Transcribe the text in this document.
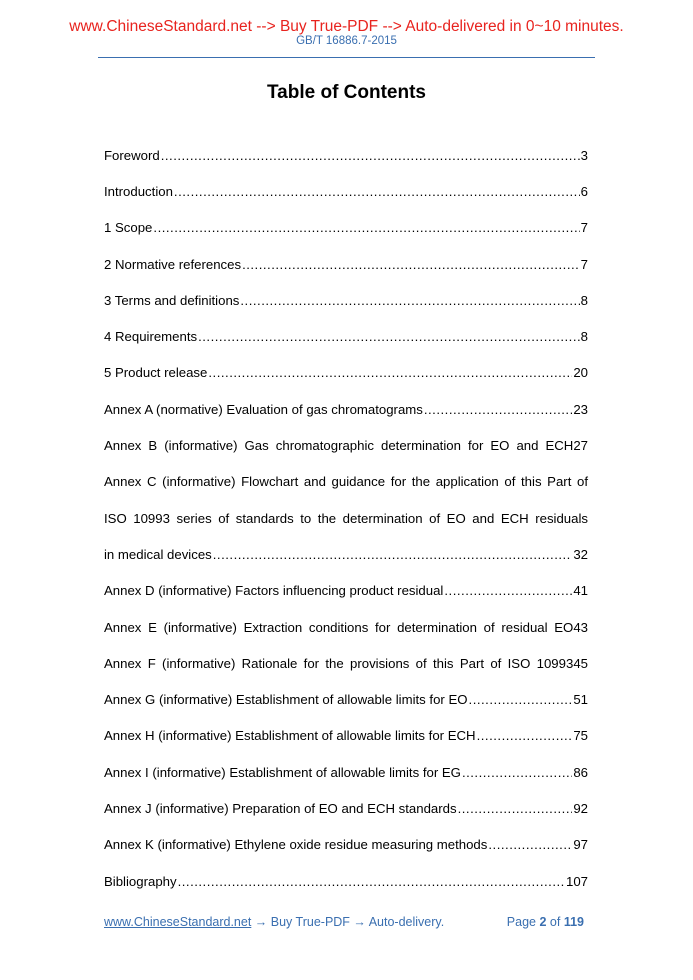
www.ChineseStandard.net --> Buy True-PDF --> Auto-delivered in 0~10 minutes.
GB/T 16886.7-2015
Table of Contents
Foreword .....	3
Introduction .....	6
1 Scope .....	7
2 Normative references .....	7
3 Terms and definitions .....	8
4 Requirements .....	8
5 Product release .....	20
Annex A (normative) Evaluation of gas chromatograms .....	23
Annex B (informative) Gas chromatographic determination for EO and ECH 27
Annex C (informative) Flowchart and guidance for the application of this Part of
ISO 10993 series of standards to the determination of EO and ECH residuals
in medical devices .....	32
Annex D (informative) Factors influencing product residual .....	41
Annex E (informative) Extraction conditions for determination of residual EO 43
Annex F (informative) Rationale for the provisions of this Part of ISO 10993 45
Annex G (informative) Establishment of allowable limits for EO .....	51
Annex H (informative) Establishment of allowable limits for ECH .....	75
Annex I (informative) Establishment of allowable limits for EG .....	86
Annex J (informative) Preparation of EO and ECH standards .....	92
Annex K (informative) Ethylene oxide residue measuring methods .....	97
Bibliography .....	107
www.ChineseStandard.net → Buy True-PDF → Auto-delivery.	Page 2 of 119
